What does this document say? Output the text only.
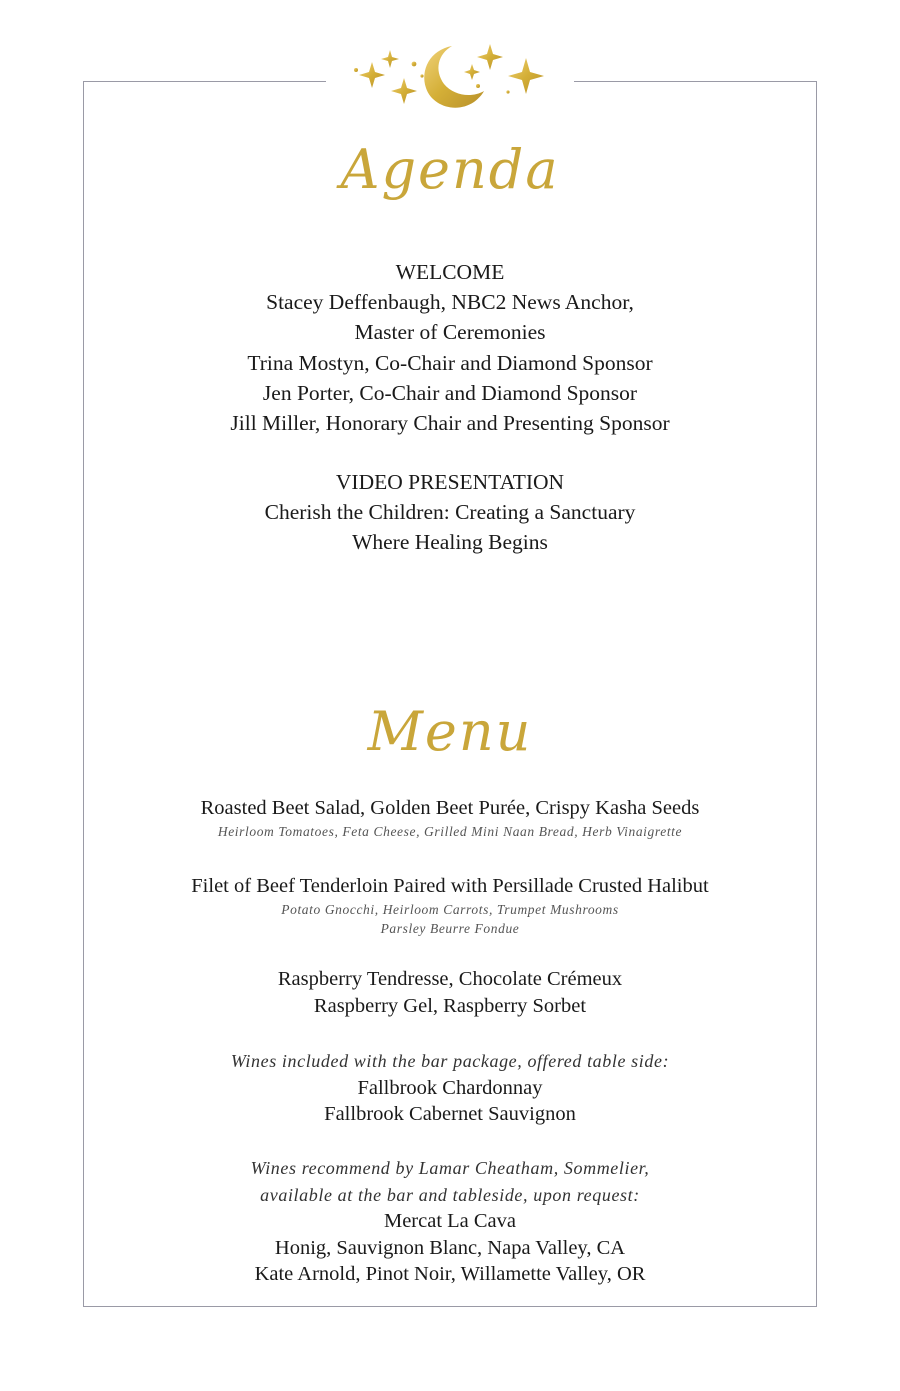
Agenda
WELCOME
Stacey Deffenbaugh, NBC2 News Anchor,
Master of Ceremonies
Trina Mostyn, Co-Chair and Diamond Sponsor
Jen Porter, Co-Chair and Diamond Sponsor
Jill Miller, Honorary Chair and Presenting Sponsor
VIDEO PRESENTATION
Cherish the Children: Creating a Sanctuary
Where Healing Begins
Menu
Roasted Beet Salad, Golden Beet Purée, Crispy Kasha Seeds
Heirloom Tomatoes, Feta Cheese, Grilled Mini Naan Bread, Herb Vinaigrette
Filet of Beef Tenderloin Paired with Persillade Crusted Halibut
Potato Gnocchi, Heirloom Carrots, Trumpet Mushrooms
Parsley Beurre Fondue
Raspberry Tendresse, Chocolate Crémeux
Raspberry Gel, Raspberry Sorbet
Wines included with the bar package, offered table side:
Fallbrook Chardonnay
Fallbrook Cabernet Sauvignon
Wines recommend by Lamar Cheatham, Sommelier,
available at the bar and tableside, upon request:
Mercat La Cava
Honig, Sauvignon Blanc, Napa Valley, CA
Kate Arnold, Pinot Noir, Willamette Valley, OR
